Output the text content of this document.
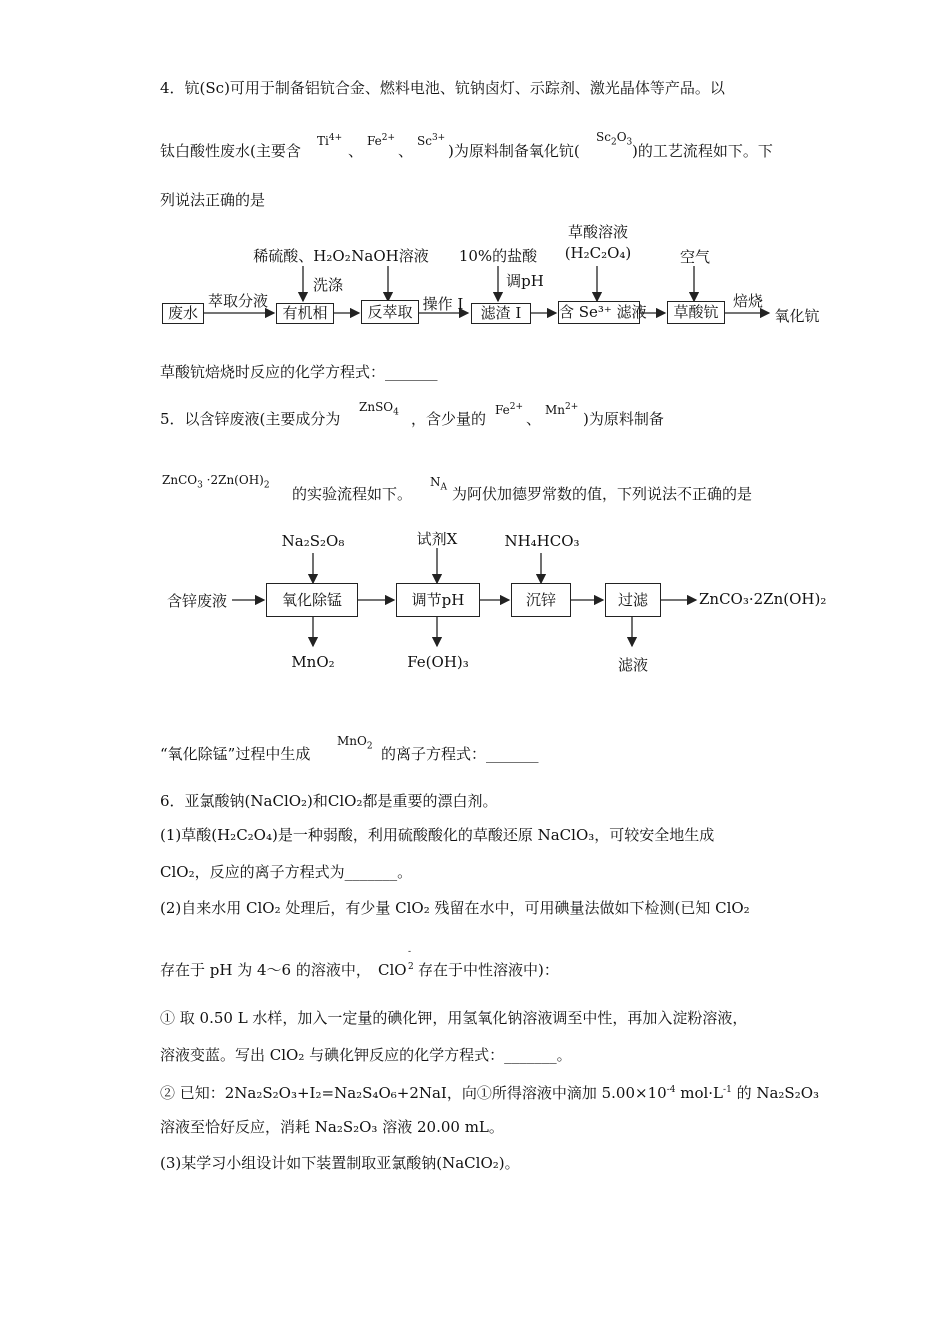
4．钪(Sc)可用于制备铝钪合金、燃料电池、钪钠卤灯、示踪剂、激光晶体等产品。以
钛白酸性废水(主要含
$Ti^{4+}$
、
$Fe^{2+}$
、
$Sc^{3+}$
)为原料制备氧化钪(
$Sc_2O_3$ )的工艺流程如下。下
列说法正确的是
废水
萃取分液
有机相
稀硫酸、H₂O₂
洗涤
反萃取
NaOH溶液
操作 I	滤渣 I
10%的盐酸
调pH
含 Se³⁺ 滤液
草酸溶液
(H₂C₂O₄)
草酸钪
空气
焙烧
氧化钪
草酸钪焙烧时反应的化学方程式：_______
5．以含锌废液(主要成分为
ZnSO$_4$ ，含少量的 $Fe^{2+}$
、 $Mn^{2+}$
)为原料制备
ZnCO$_3$ $\cdot 2Zn(OH)_2$ 的实验流程如下。
$N_A$ 为阿伏加德罗常数的值，下列说法不正确的是
含锌废液	氧化除锰
Na₂S₂O₈
MnO₂
调节pH
试剂X
Fe(OH)₃
沉锌
NH₄HCO₃
过滤
滤液
ZnCO₃·2Zn(OH)₂
“氧化除锰”过程中生成
MnO$_2$ 的离子方程式：_______
6．亚氯酸钠(NaClO₂)和ClO₂都是重要的漂白剂。
(1)草酸(H₂C₂O₄)是一种弱酸，利用硫酸酸化的草酸还原 NaClO₃，可较安全地生成
ClO₂，反应的离子方程式为_______。
(2)自来水用 ClO₂ 处理后，有少量 ClO₂ 残留在水中，可用碘量法做如下检测(已知 ClO₂
存在于 pH 为 4～6 的溶液中， ClO
-
2 存在于中性溶液中)：
① 取 0.50 L 水样，加入一定量的碘化钾，用氢氧化钠溶液调至中性，再加入淀粉溶液，
溶液变蓝。写出 ClO₂ 与碘化钾反应的化学方程式：_______。
② 已知：2Na₂S₂O₃+I₂=Na₂S₄O₆+2NaI，向①所得溶液中滴加 $5.00\times 10^{-4}$ $mol\cdot L^{-1}$ 的 Na₂S₂O₃
溶液至恰好反应，消耗 Na₂S₂O₃ 溶液 20.00 mL。
(3)某学习小组设计如下装置制取亚氯酸钠(NaClO₂)。
